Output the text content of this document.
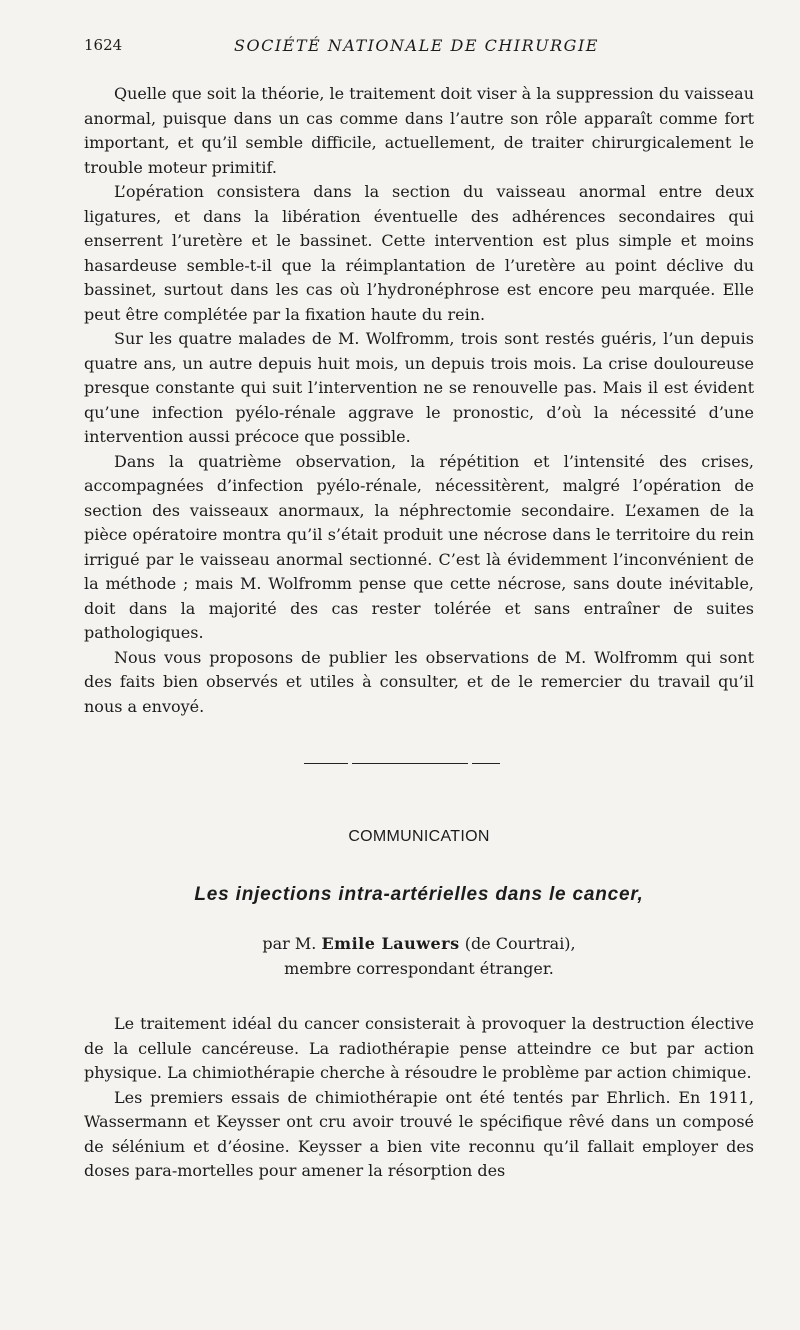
1624	SOCIÉTÉ NATIONALE DE CHIRURGIE

Quelle que soit la théorie, le traitement doit viser à la suppression du vaisseau anormal, puisque dans un cas comme dans l’autre son rôle apparaît comme fort important, et qu’il semble difficile, actuellement, de traiter chirurgicalement le trouble moteur primitif.

L’opération consistera dans la section du vaisseau anormal entre deux ligatures, et dans la libération éventuelle des adhérences secondaires qui enserrent l’uretère et le bassinet. Cette intervention est plus simple et moins hasardeuse semble-t-il que la réimplantation de l’uretère au point déclive du bassinet, surtout dans les cas où l’hydronéphrose est encore peu marquée. Elle peut être complétée par la fixation haute du rein.

Sur les quatre malades de M. Wolfromm, trois sont restés guéris, l’un depuis quatre ans, un autre depuis huit mois, un depuis trois mois. La crise douloureuse presque constante qui suit l’intervention ne se renouvelle pas. Mais il est évident qu’une infection pyélo-rénale aggrave le pronostic, d’où la nécessité d’une intervention aussi précoce que possible.

Dans la quatrième observation, la répétition et l’intensité des crises, accompagnées d’infection pyélo-rénale, nécessitèrent, malgré l’opération de section des vaisseaux anormaux, la néphrectomie secondaire. L’examen de la pièce opératoire montra qu’il s’était produit une nécrose dans le territoire du rein irrigué par le vaisseau anormal sectionné. C’est là évidemment l’inconvénient de la méthode ; mais M. Wolfromm pense que cette nécrose, sans doute inévitable, doit dans la majorité des cas rester tolérée et sans entraîner de suites pathologiques.

Nous vous proposons de publier les observations de M. Wolfromm qui sont des faits bien observés et utiles à consulter, et de le remercier du travail qu’il nous a envoyé.

COMMUNICATION
Les injections intra-artérielles dans le cancer,
par M. Emile Lauwers (de Courtrai),
membre correspondant étranger.

Le traitement idéal du cancer consisterait à provoquer la destruction élective de la cellule cancéreuse. La radiothérapie pense atteindre ce but par action physique. La chimiothérapie cherche à résoudre le problème par action chimique.

Les premiers essais de chimiothérapie ont été tentés par Ehrlich. En 1911, Wassermann et Keysser ont cru avoir trouvé le spécifique rêvé dans un composé de sélénium et d’éosine. Keysser a bien vite reconnu qu’il fallait employer des doses para-mortelles pour amener la résorption des
